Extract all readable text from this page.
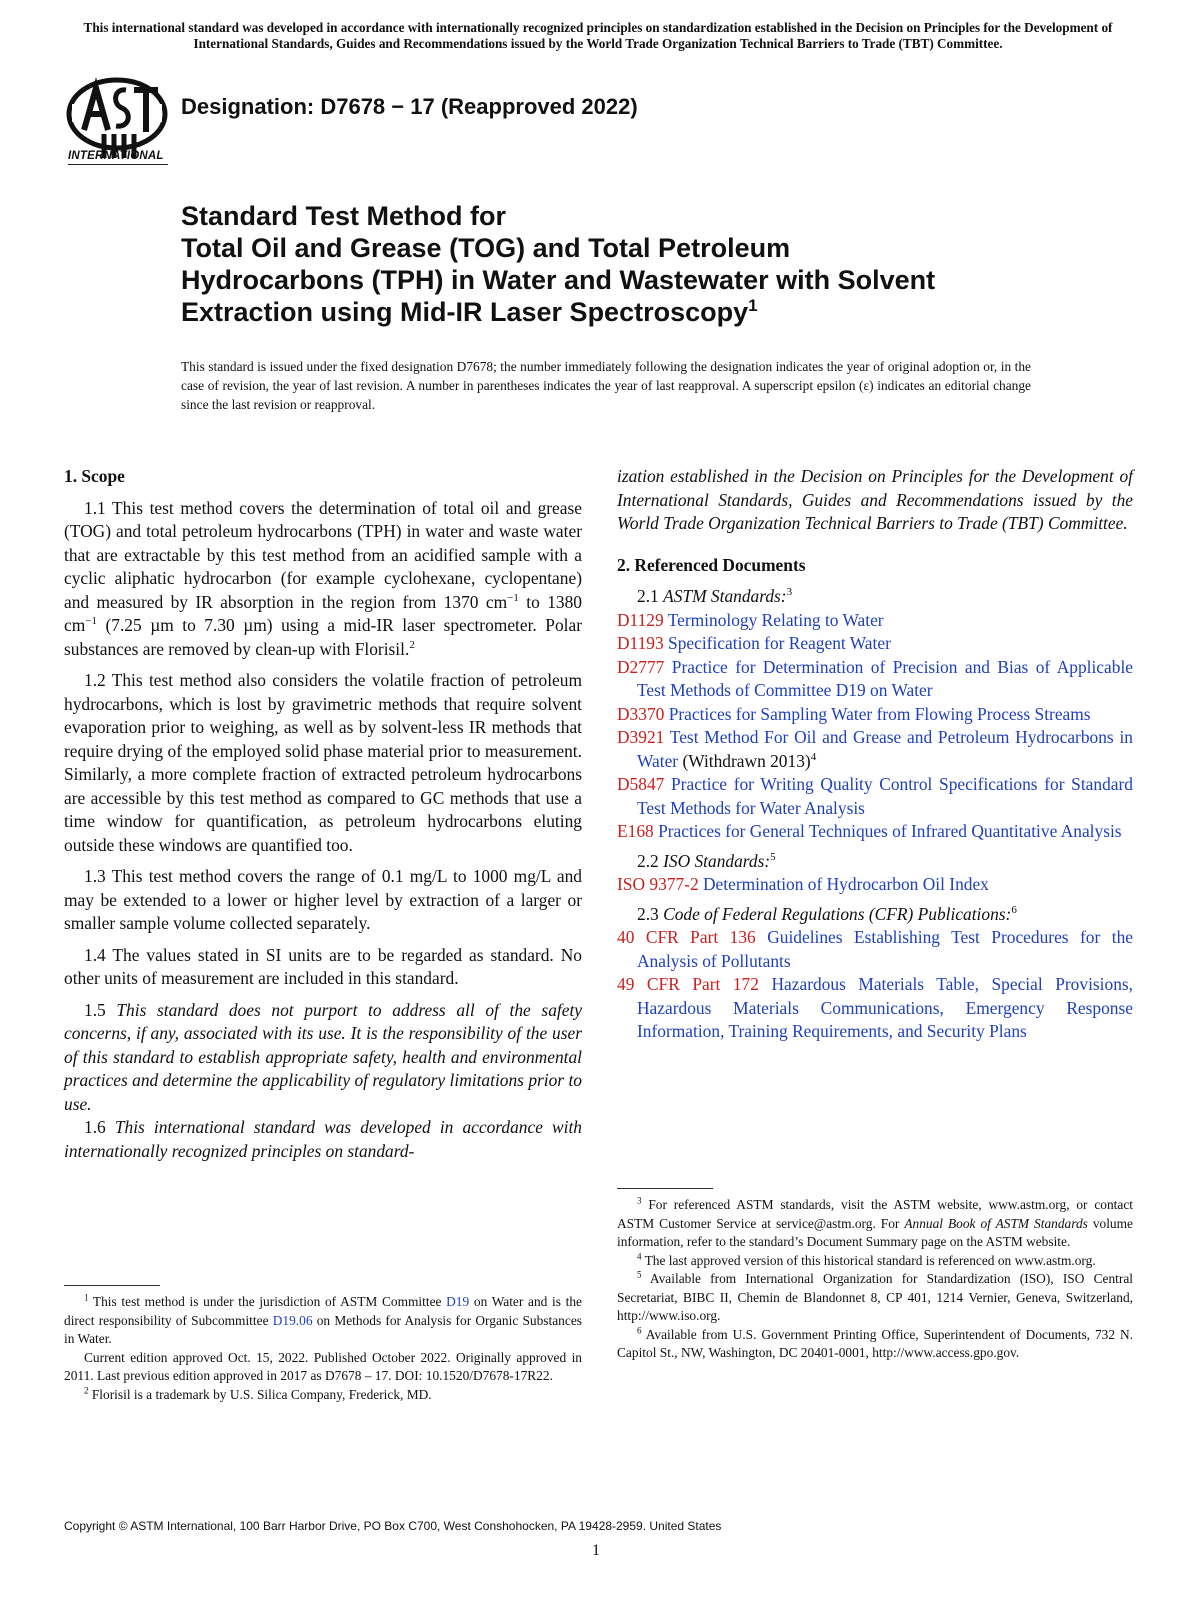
This international standard was developed in accordance with internationally recognized principles on standardization established in the Decision on Principles for the Development of International Standards, Guides and Recommendations issued by the World Trade Organization Technical Barriers to Trade (TBT) Committee.
INTERNATIONAL
Designation: D7678 − 17 (Reapproved 2022)
Standard Test Method for
Total Oil and Grease (TOG) and Total Petroleum
Hydrocarbons (TPH) in Water and Wastewater with Solvent
Extraction using Mid-IR Laser Spectroscopy$^1$
This standard is issued under the fixed designation D7678; the number immediately following the designation indicates the year of original adoption or, in the case of revision, the year of last revision. A number in parentheses indicates the year of last reapproval. A superscript epsilon (ε) indicates an editorial change since the last revision or reapproval.
1. Scope

1.1 This test method covers the determination of total oil and grease (TOG) and total petroleum hydrocarbons (TPH) in water and waste water that are extractable by this test method from an acidified sample with a cyclic aliphatic hydrocarbon (for example cyclohexane, cyclopentane) and measured by IR absorption in the region from 1370 $cm^{-1}$ to 1380 $cm^{-1}$ (7.25 µm to 7.30 µm) using a mid-IR laser spectrometer. Polar substances are removed by clean-up with Florisil.$^2$

1.2 This test method also considers the volatile fraction of petroleum hydrocarbons, which is lost by gravimetric methods that require solvent evaporation prior to weighing, as well as by solvent-less IR methods that require drying of the employed solid phase material prior to measurement. Similarly, a more complete fraction of extracted petroleum hydrocarbons are accessible by this test method as compared to GC methods that use a time window for quantification, as petroleum hydrocarbons eluting outside these windows are quantified too.

1.3 This test method covers the range of 0.1 mg/L to 1000 mg/L and may be extended to a lower or higher level by extraction of a larger or smaller sample volume collected separately.

1.4 The values stated in SI units are to be regarded as standard. No other units of measurement are included in this standard.

1.5 This standard does not purport to address all of the safety concerns, if any, associated with its use. It is the responsibility of the user of this standard to establish appropriate safety, health and environmental practices and determine the applicability of regulatory limitations prior to use.

1.6 This international standard was developed in accordance with internationally recognized principles on standard-

ization established in the Decision on Principles for the Development of International Standards, Guides and Recommendations issued by the World Trade Organization Technical Barriers to Trade (TBT) Committee.

2. Referenced Documents

2.1 ASTM Standards:$^3$

D1129 Terminology Relating to Water

D1193 Specification for Reagent Water

D2777 Practice for Determination of Precision and Bias of Applicable Test Methods of Committee D19 on Water

D3370 Practices for Sampling Water from Flowing Process Streams

D3921 Test Method For Oil and Grease and Petroleum Hydrocarbons in Water (Withdrawn 2013)$^4$

D5847 Practice for Writing Quality Control Specifications for Standard Test Methods for Water Analysis

E168 Practices for General Techniques of Infrared Quantitative Analysis

2.2 ISO Standards:$^5$

ISO 9377-2 Determination of Hydrocarbon Oil Index

2.3 Code of Federal Regulations (CFR) Publications:$^6$

40 CFR Part 136 Guidelines Establishing Test Procedures for the Analysis of Pollutants

49 CFR Part 172 Hazardous Materials Table, Special Provisions, Hazardous Materials Communications, Emergency Response Information, Training Requirements, and Security Plans

$^1$ This test method is under the jurisdiction of ASTM Committee D19 on Water and is the direct responsibility of Subcommittee D19.06 on Methods for Analysis for Organic Substances in Water.

Current edition approved Oct. 15, 2022. Published October 2022. Originally approved in 2011. Last previous edition approved in 2017 as D7678 – 17. DOI: 10.1520/D7678-17R22.

$^2$ Florisil is a trademark by U.S. Silica Company, Frederick, MD.

$^3$ For referenced ASTM standards, visit the ASTM website, www.astm.org, or contact ASTM Customer Service at service@astm.org. For Annual Book of ASTM Standards volume information, refer to the standard’s Document Summary page on the ASTM website.

$^4$ The last approved version of this historical standard is referenced on www.astm.org.

$^5$ Available from International Organization for Standardization (ISO), ISO Central Secretariat, BIBC II, Chemin de Blandonnet 8, CP 401, 1214 Vernier, Geneva, Switzerland, http://www.iso.org.

$^6$ Available from U.S. Government Printing Office, Superintendent of Documents, 732 N. Capitol St., NW, Washington, DC 20401-0001, http://www.access.gpo.gov.

Copyright © ASTM International, 100 Barr Harbor Drive, PO Box C700, West Conshohocken, PA 19428-2959. United States
1
